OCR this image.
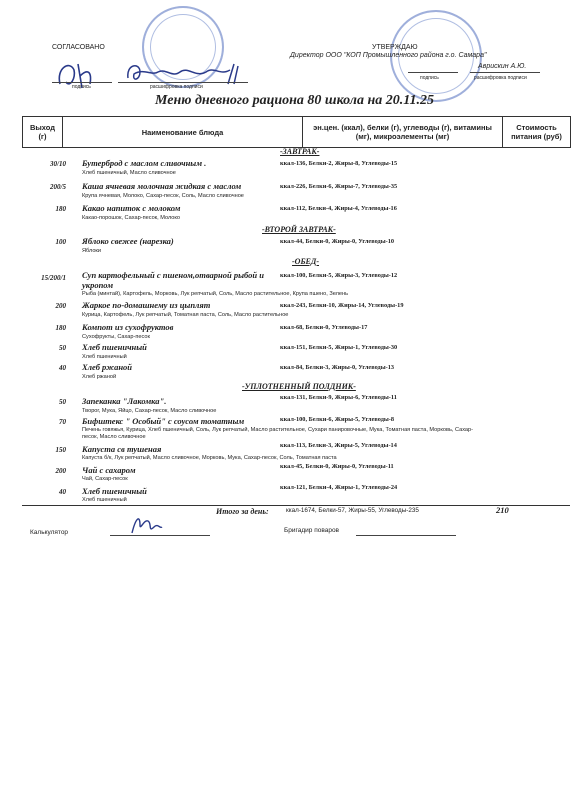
СОГЛАСОВАНО
подпись	расшифровка подписи
УТВЕРЖДАЮ
Директор ООО "КОП Промышленного района г.о. Самара"
Аврискин А.Ю.
подпись	расшифровка подписи
Меню дневного рациона 80 школа на 20.11.25
Выход (г)	Наименование блюда	эн.цен. (ккал), белки (г), углеводы (г), витамины (мг), микроэлементы (мг)	Стоимость питания (руб)
-ЗАВТРАК-
30/10 Бутерброд с маслом сливочным .	ккал-136, Белки-2, Жиры-8, Углеводы-15
Хлеб пшеничный, Масло сливочное
200/5 Каша ячневая молочная жидкая с маслом	ккал-226, Белки-6, Жиры-7, Углеводы-35
Крупа ячневая, Молоко, Сахар-песок, Соль, Масло сливочное
180 Какао напиток с молоком	ккал-112, Белки-4, Жиры-4, Углеводы-16
Какао-порошок, Сахар-песок, Молоко
-ВТОРОЙ ЗАВТРАК-
100 Яблоко свежее (нарезка)	ккал-44, Белки-0, Жиры-0, Углеводы-10
Яблоки
-ОБЕД-
15/200/1 Суп картофельный с пшеном,отварной рыбой и укропом
ккал-100, Белки-5, Жиры-3, Углеводы-12
Рыба (минтай), Картофель, Морковь, Лук репчатый, Соль, Масло растительное, Крупа пшено, Зелень
200 Жаркое по-домашнему из цыплят	ккал-243, Белки-10, Жиры-14, Углеводы-19
Курица, Картофель, Лук репчатый, Томатная паста, Соль, Масло растительное
180 Компот из сухофруктов	ккал-68, Белки-0, Углеводы-17
Сухофрукты, Сахар-песок
50 Хлеб пшеничный	ккал-151, Белки-5, Жиры-1, Углеводы-30
Хлеб пшеничный
40 Хлеб ржаной	ккал-84, Белки-3, Жиры-0, Углеводы-13
Хлеб ржаной
-УПЛОТНЕННЫЙ ПОЛДНИК-
50 Запеканка "Лакомка".	ккал-131, Белки-9, Жиры-6, Углеводы-11
Творог, Мука, Яйцо, Сахар-песок, Масло сливочное
70 Бифштекс " Особый" с соусом томатным	ккал-100, Белки-6, Жиры-5, Углеводы-8
Печень говяжья, Курица, Хлеб пшеничный, Соль, Лук репчатый, Масло растительное, Сухари панировочные, Мука, Томатная паста, Морковь, Сахар-песок, Масло сливочное
150 Капуста св тушеная	ккал-113, Белки-3, Жиры-5, Углеводы-14
Капуста б/к, Лук репчатый, Масло сливочное, Морковь, Мука, Сахар-песок, Соль, Томатная паста
200 Чай с сахаром	ккал-45, Белки-0, Жиры-0, Углеводы-11
Чай, Сахар-песок
40 Хлеб пшеничный	ккал-121, Белки-4, Жиры-1, Углеводы-24
Хлеб пшеничный
Итого за день:	ккал-1674, Белки-57, Жиры-55, Углеводы-235	210
Калькулятор	Бригадир поваров
